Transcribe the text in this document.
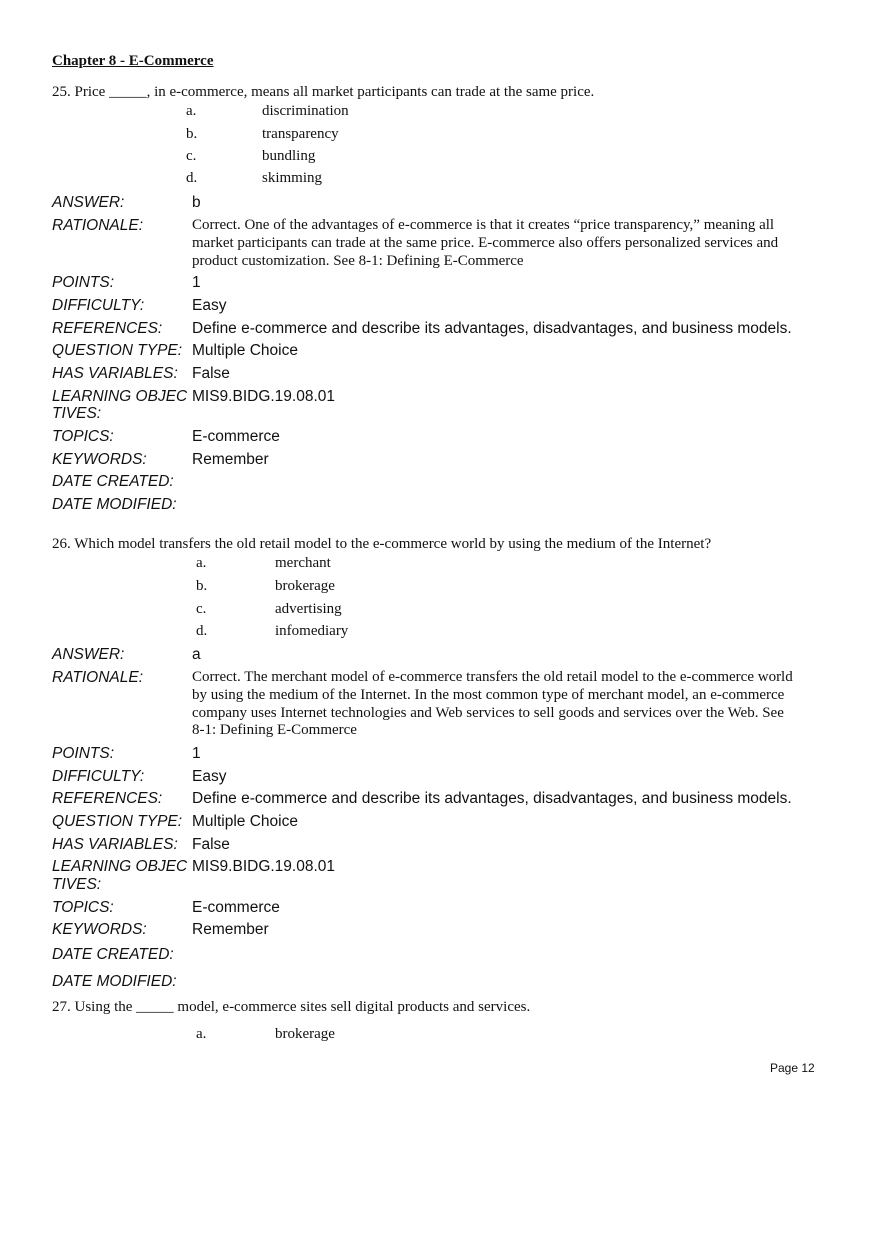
Chapter 8 - E-Commerce
25. Price _____, in e-commerce, means all market participants can trade at the same price.
a.	discrimination
b.	transparency
c.	bundling
d.	skimming
ANSWER:	b
RATIONALE:	Correct. One of the advantages of e-commerce is that it creates “price transparency,” meaning all
market participants can trade at the same price. E-commerce also offers personalized services and
product customization. See 8-1: Defining E-Commerce
POINTS:	1
DIFFICULTY:	Easy
REFERENCES: Define e-commerce and describe its advantages, disadvantages, and business models.
QUESTION TYPE: Multiple Choice
HAS VARIABLES: False
LEARNING OBJEC
TIVES:
MIS9.BIDG.19.08.01
TOPICS:	E-commerce
KEYWORDS:	Remember
DATE CREATED:
DATE MODIFIED:
26. Which model transfers the old retail model to the e-commerce world by using the medium of the Internet?
a.	merchant
b.	brokerage
c.	advertising
d.	infomediary
ANSWER:	a
RATIONALE:	Correct. The merchant model of e-commerce transfers the old retail model to the e-commerce world
by using the medium of the Internet. In the most common type of merchant model, an e-commerce
company uses Internet technologies and Web services to sell goods and services over the Web. See
8-1: Defining E-Commerce
POINTS:	1
DIFFICULTY:	Easy
REFERENCES: Define e-commerce and describe its advantages, disadvantages, and business models.
QUESTION TYPE: Multiple Choice
HAS VARIABLES: False
LEARNING OBJEC
TIVES:
MIS9.BIDG.19.08.01
TOPICS:	E-commerce
KEYWORDS:	Remember
DATE CREATED:
DATE MODIFIED:
27. Using the _____ model, e-commerce sites sell digital products and services.
a.	brokerage
Page 12
